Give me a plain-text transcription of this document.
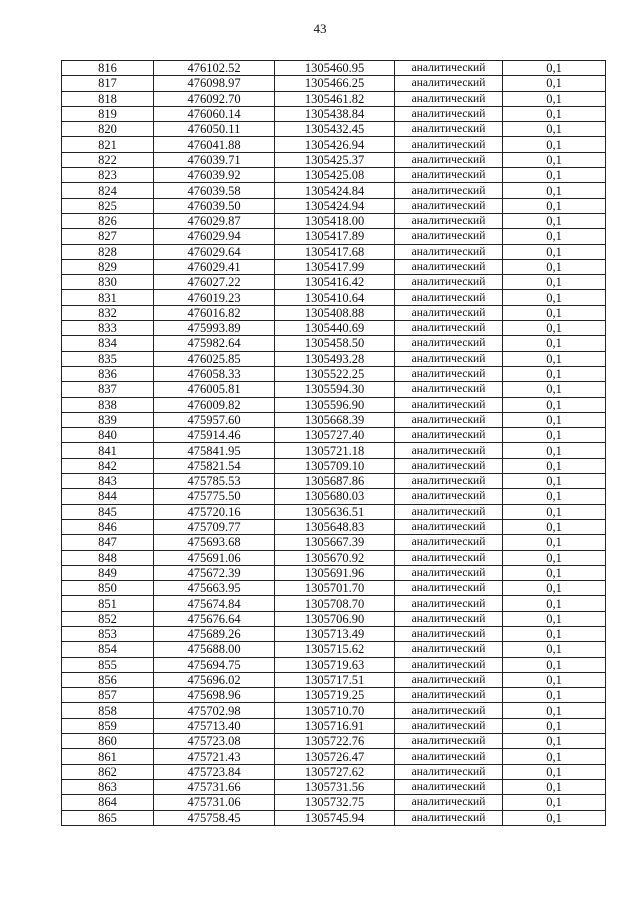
43
816	476102.52	1305460.95	аналитический	0,1
817	476098.97	1305466.25	аналитический	0,1
818	476092.70	1305461.82	аналитический	0,1
819	476060.14	1305438.84	аналитический	0,1
820	476050.11	1305432.45	аналитический	0,1
821	476041.88	1305426.94	аналитический	0,1
822	476039.71	1305425.37	аналитический	0,1
823	476039.92	1305425.08	аналитический	0,1
824	476039.58	1305424.84	аналитический	0,1
825	476039.50	1305424.94	аналитический	0,1
826	476029.87	1305418.00	аналитический	0,1
827	476029.94	1305417.89	аналитический	0,1
828	476029.64	1305417.68	аналитический	0,1
829	476029.41	1305417.99	аналитический	0,1
830	476027.22	1305416.42	аналитический	0,1
831	476019.23	1305410.64	аналитический	0,1
832	476016.82	1305408.88	аналитический	0,1
833	475993.89	1305440.69	аналитический	0,1
834	475982.64	1305458.50	аналитический	0,1
835	476025.85	1305493.28	аналитический	0,1
836	476058.33	1305522.25	аналитический	0,1
837	476005.81	1305594.30	аналитический	0,1
838	476009.82	1305596.90	аналитический	0,1
839	475957.60	1305668.39	аналитический	0,1
840	475914.46	1305727.40	аналитический	0,1
841	475841.95	1305721.18	аналитический	0,1
842	475821.54	1305709.10	аналитический	0,1
843	475785.53	1305687.86	аналитический	0,1
844	475775.50	1305680.03	аналитический	0,1
845	475720.16	1305636.51	аналитический	0,1
846	475709.77	1305648.83	аналитический	0,1
847	475693.68	1305667.39	аналитический	0,1
848	475691.06	1305670.92	аналитический	0,1
849	475672.39	1305691.96	аналитический	0,1
850	475663.95	1305701.70	аналитический	0,1
851	475674.84	1305708.70	аналитический	0,1
852	475676.64	1305706.90	аналитический	0,1
853	475689.26	1305713.49	аналитический	0,1
854	475688.00	1305715.62	аналитический	0,1
855	475694.75	1305719.63	аналитический	0,1
856	475696.02	1305717.51	аналитический	0,1
857	475698.96	1305719.25	аналитический	0,1
858	475702.98	1305710.70	аналитический	0,1
859	475713.40	1305716.91	аналитический	0,1
860	475723.08	1305722.76	аналитический	0,1
861	475721.43	1305726.47	аналитический	0,1
862	475723.84	1305727.62	аналитический	0,1
863	475731.66	1305731.56	аналитический	0,1
864	475731.06	1305732.75	аналитический	0,1
865	475758.45	1305745.94	аналитический	0,1
